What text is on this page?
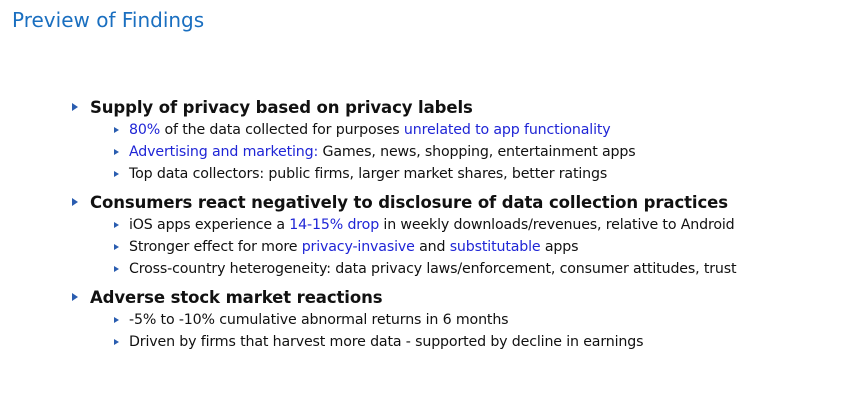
Preview of Findings
Supply of privacy based on privacy labels
80% of the data collected for purposes unrelated to app functionality
Advertising and marketing: Games, news, shopping, entertainment apps
Top data collectors: public firms, larger market shares, better ratings
Consumers react negatively to disclosure of data collection practices
iOS apps experience a 14-15% drop in weekly downloads/revenues, relative to Android
Stronger effect for more privacy-invasive and substitutable apps
Cross-country heterogeneity: data privacy laws/enforcement, consumer attitudes, trust
Adverse stock market reactions
-5% to -10% cumulative abnormal returns in 6 months
Driven by firms that harvest more data - supported by decline in earnings
